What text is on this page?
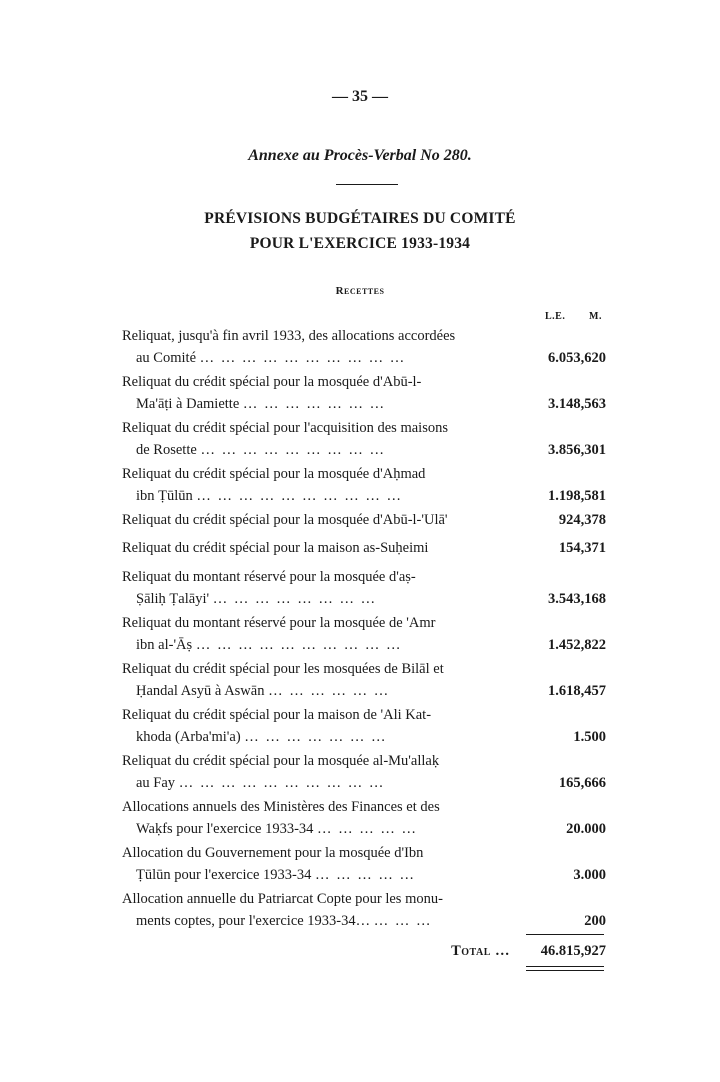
— 35 —
Annexe au Procès-Verbal No 280.
PRÉVISIONS BUDGÉTAIRES DU COMITÉ
POUR L'EXERCICE 1933-1934
Recettes
L.E. M.
Reliquat, jusqu'à fin avril 1933, des allocations accordées
au Comité … … … … … … … … … …	6.053,620
Reliquat du crédit spécial pour la mosquée d'Abū-l-
Ma'āṭi à Damiette … … … … … … …	3.148,563
Reliquat du crédit spécial pour l'acquisition des maisons
de Rosette … … … … … … … … …	3.856,301
Reliquat du crédit spécial pour la mosquée d'Aḥmad
ibn Ṭūlūn … … … … … … … … … …	1.198,581
Reliquat du crédit spécial pour la mosquée d'Abū-l-'Ulā'	924,378
Reliquat du crédit spécial pour la maison as-Suḥeimi	154,371
Reliquat du montant réservé pour la mosquée d'aṣ-
Ṣāliḥ Ṭalāyi' … … … … … … … …	3.543,168
Reliquat du montant réservé pour la mosquée de 'Amr
ibn al-'Āṣ … … … … … … … … … …	1.452,822
Reliquat du crédit spécial pour les mosquées de Bilāl et
Ḥandal Asyū à Aswān … … … … … …	1.618,457
Reliquat du crédit spécial pour la maison de 'Ali Kat-
khoda (Arba'mi'a) … … … … … … …	1.500
Reliquat du crédit spécial pour la mosquée al-Mu'allaḳ
au Fay … … … … … … … … … …	165,666
Allocations annuels des Ministères des Finances et des
Waḳfs pour l'exercice 1933-34 … … … … …	20.000
Allocation du Gouvernement pour la mosquée d'Ibn
Ṭūlūn pour l'exercice 1933-34 … … … … …	3.000
Allocation annuelle du Patriarcat Copte pour les monu-
ments coptes, pour l'exercice 1933-34… … … …	200
Total … 46.815,927
